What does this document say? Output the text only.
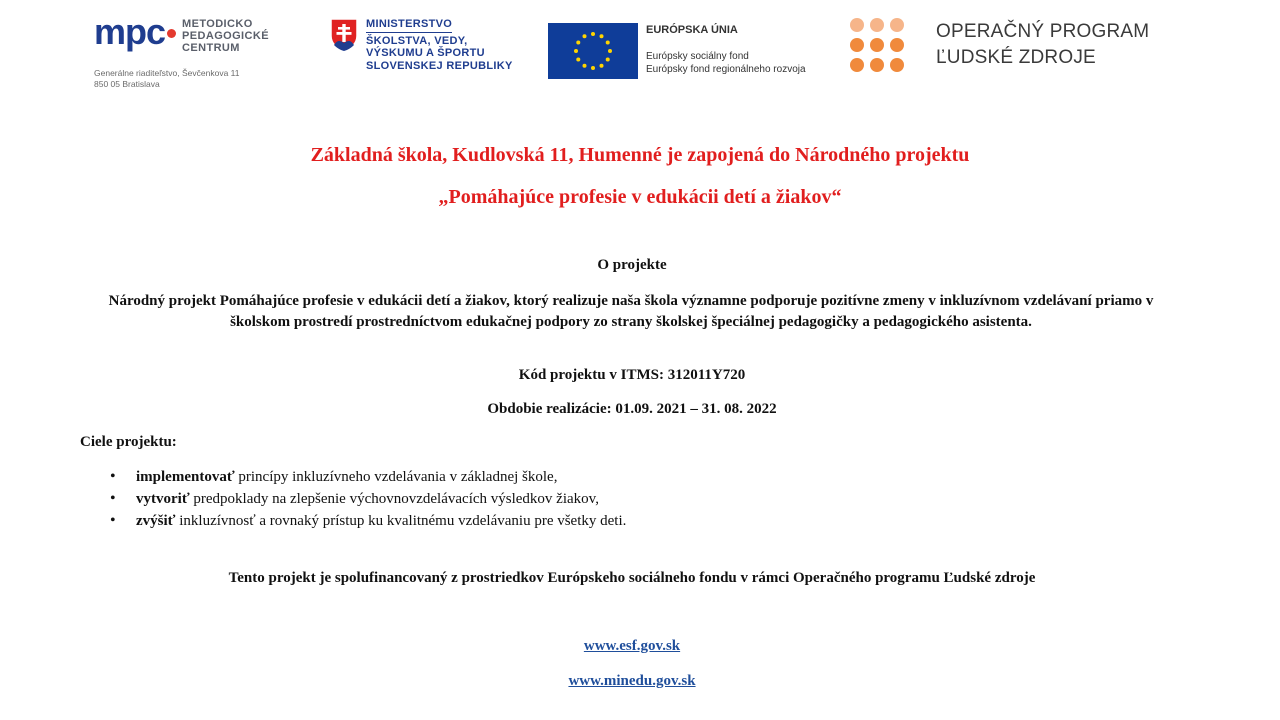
mpc METODICKO
PEDAGOGICKÉ
CENTRUM
Generálne riaditeľstvo, Ševčenkova 11
850 05 Bratislava
MINISTERSTVO
ŠKOLSTVA, VEDY,
VÝSKUMU A ŠPORTU
SLOVENSKEJ REPUBLIKY
EURÓPSKA ÚNIA
Európsky sociálny fond
Európsky fond regionálneho rozvoja
OPERAČNÝ PROGRAM
ĽUDSKÉ ZDROJE
Základná škola, Kudlovská 11, Humenné je zapojená do Národného projektu
„Pomáhajúce profesie v edukácii detí a žiakov“
O projekte
Národný projekt Pomáhajúce profesie v edukácii detí a žiakov, ktorý realizuje naša škola významne podporuje pozitívne zmeny v inkluzívnom vzdelávaní priamo v školskom prostredí prostredníctvom edukačnej podpory zo strany školskej špeciálnej pedagogičky a pedagogického asistenta.
Kód projektu v ITMS: 312011Y720
Obdobie realizácie: 01.09. 2021 – 31. 08. 2022
Ciele projektu:
• implementovať princípy inkluzívneho vzdelávania v základnej škole,
• vytvoriť predpoklady na zlepšenie výchovnovzdelávacích výsledkov žiakov,
• zvýšiť inkluzívnosť a rovnaký prístup ku kvalitnému vzdelávaniu pre všetky deti.
Tento projekt je spolufinancovaný z prostriedkov Európskeho sociálneho fondu v rámci Operačného programu Ľudské zdroje
www.esf.gov.sk
www.minedu.gov.sk
